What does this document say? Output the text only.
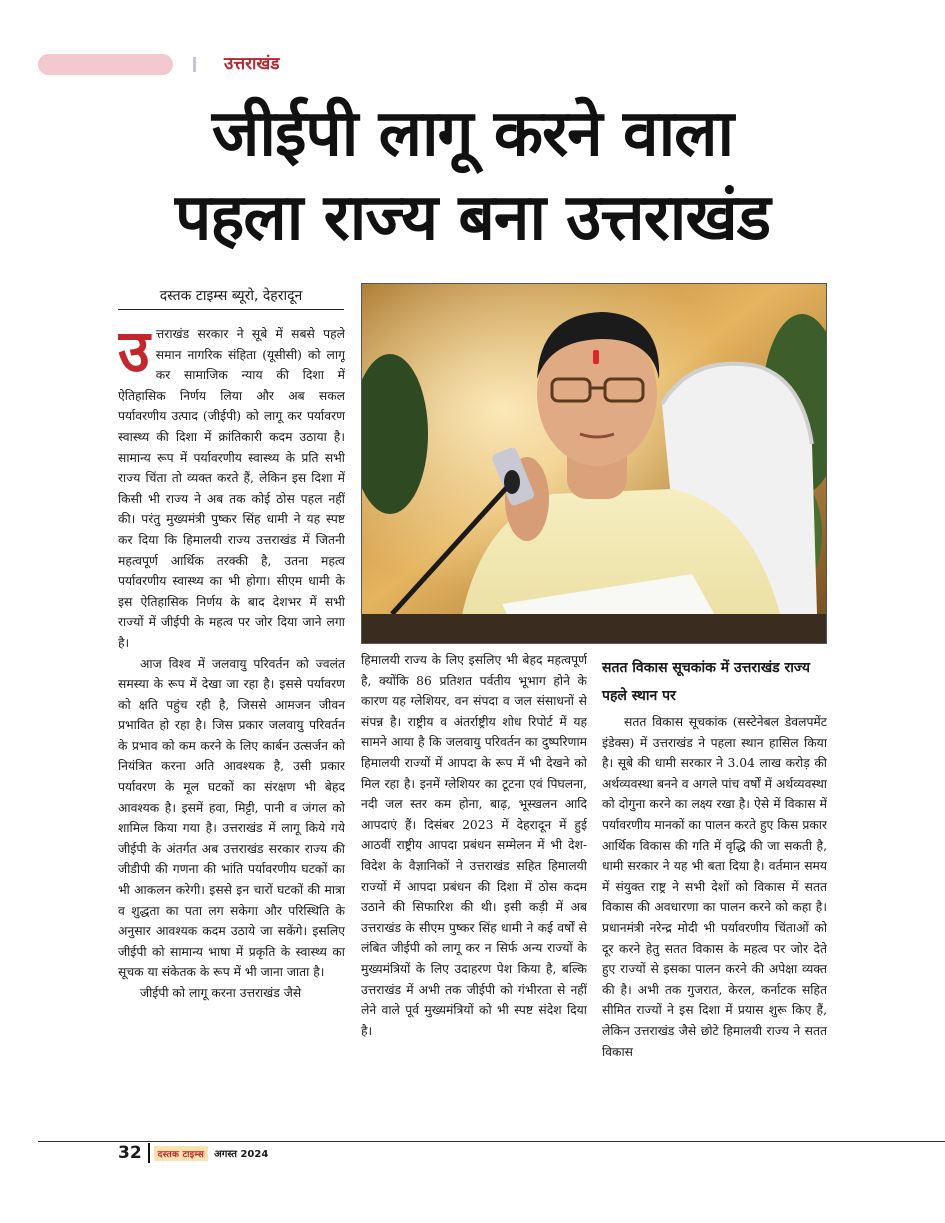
उत्तराखंड
जीईपी लागू करने वाला
पहला राज्य बना उत्तराखंड
दस्तक टाइम्स ब्यूरो, देहरादून
उ त्तराखंड सरकार ने सूबे में सबसे पहले समान नागरिक संहिता (यूसीसी) को लागू कर सामाजिक न्याय की दिशा में ऐतिहासिक निर्णय लिया और अब सकल पर्यावरणीय उत्पाद (जीईपी) को लागू कर पर्यावरण स्वास्थ्य की दिशा में क्रांतिकारी कदम उठाया है। सामान्य रूप में पर्यावरणीय स्वास्थ्य के प्रति सभी राज्य चिंता तो व्यक्त करते हैं, लेकिन इस दिशा में किसी भी राज्य ने अब तक कोई ठोस पहल नहीं की। परंतु मुख्यमंत्री पुष्कर सिंह धामी ने यह स्पष्ट कर दिया कि हिमालयी राज्य उत्तराखंड में जितनी महत्वपूर्ण आर्थिक तरक्की है, उतना महत्व पर्यावरणीय स्वास्थ्य का भी होगा। सीएम धामी के इस ऐतिहासिक निर्णय के बाद देशभर में सभी राज्यों में जीईपी के महत्व पर जोर दिया जाने लगा है।

आज विश्व में जलवायु परिवर्तन को ज्वलंत समस्या के रूप में देखा जा रहा है। इससे पर्यावरण को क्षति पहुंच रही है, जिससे आमजन जीवन प्रभावित हो रहा है। जिस प्रकार जलवायु परिवर्तन के प्रभाव को कम करने के लिए कार्बन उत्सर्जन को नियंत्रित करना अति आवश्यक है, उसी प्रकार पर्यावरण के मूल घटकों का संरक्षण भी बेहद आवश्यक है। इसमें हवा, मिट्टी, पानी व जंगल को शामिल किया गया है। उत्तराखंड में लागू किये गये जीईपी के अंतर्गत अब उत्तराखंड सरकार राज्य की जीडीपी की गणना की भांति पर्यावरणीय घटकों का भी आकलन करेगी। इससे इन चारों घटकों की मात्रा व शुद्धता का पता लग सकेगा और परिस्थिति के अनुसार आवश्यक कदम उठाये जा सकेंगे। इसलिए जीईपी को सामान्य भाषा में प्रकृति के स्वास्थ्य का सूचक या संकेतक के रूप में भी जाना जाता है।

जीईपी को लागू करना उत्तराखंड जैसे

हिमालयी राज्य के लिए इसलिए भी बेहद महत्वपूर्ण है, क्योंकि 86 प्रतिशत पर्वतीय भूभाग होने के कारण यह ग्लेशियर, वन संपदा व जल संसाधनों से संपन्न है। राष्ट्रीय व अंतर्राष्ट्रीय शोध रिपोर्ट में यह सामने आया है कि जलवायु परिवर्तन का दुष्परिणाम हिमालयी राज्यों में आपदा के रूप में भी देखने को मिल रहा है। इनमें ग्लेशियर का टूटना एवं पिघलना, नदी जल स्तर कम होना, बाढ़, भूस्खलन आदि आपदाएं हैं। दिसंबर 2023 में देहरादून में हुई आठवीं राष्ट्रीय आपदा प्रबंधन सम्मेलन में भी देश-विदेश के वैज्ञानिकों ने उत्तराखंड सहित हिमालयी राज्यों में आपदा प्रबंधन की दिशा में ठोस कदम उठाने की सिफारिश की थी। इसी कड़ी में अब उत्तराखंड के सीएम पुष्कर सिंह धामी ने कई वर्षों से लंबित जीईपी को लागू कर न सिर्फ अन्य राज्यों के मुख्यमंत्रियों के लिए उदाहरण पेश किया है, बल्कि उत्तराखंड में अभी तक जीईपी को गंभीरता से नहीं लेने वाले पूर्व मुख्यमंत्रियों को भी स्पष्ट संदेश दिया है।

सतत विकास सूचकांक में उत्तराखंड राज्य पहले स्थान पर

सतत विकास सूचकांक (सस्टेनेबल डेवलपमेंट इंडेक्स) में उत्तराखंड ने पहला स्थान हासिल किया है। सूबे की धामी सरकार ने 3.04 लाख करोड़ की अर्थव्यवस्था बनने व अगले पांच वर्षों में अर्थव्यवस्था को दोगुना करने का लक्ष्य रखा है। ऐसे में विकास में पर्यावरणीय मानकों का पालन करते हुए किस प्रकार आर्थिक विकास की गति में वृद्धि की जा सकती है, धामी सरकार ने यह भी बता दिया है। वर्तमान समय में संयुक्त राष्ट्र ने सभी देशों को विकास में सतत विकास की अवधारणा का पालन करने को कहा है। प्रधानमंत्री नरेन्द्र मोदी भी पर्यावरणीय चिंताओं को दूर करने हेतु सतत विकास के महत्व पर जोर देते हुए राज्यों से इसका पालन करने की अपेक्षा व्यक्त की है। अभी तक गुजरात, केरल, कर्नाटक सहित सीमित राज्यों ने इस दिशा में प्रयास शुरू किए हैं, लेकिन उत्तराखंड जैसे छोटे हिमालयी राज्य ने सतत विकास

32	दस्तक टाइम्स	अगस्त 2024
